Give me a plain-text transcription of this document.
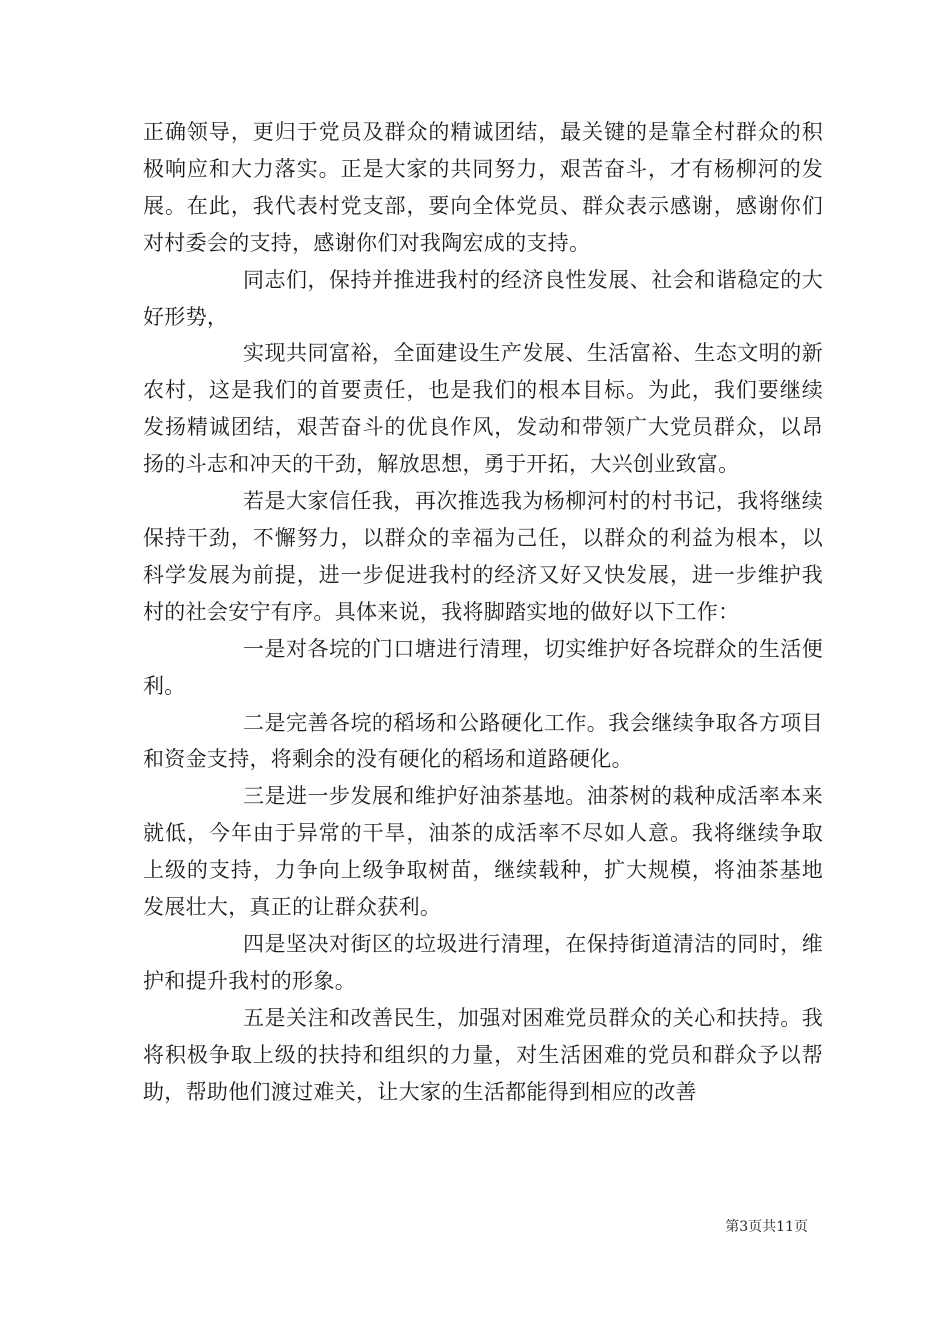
正确领导，更归于党员及群众的精诚团结，最关键的是靠全村群众的积极响应和大力落实。正是大家的共同努力，艰苦奋斗，才有杨柳河的发展。在此，我代表村党支部，要向全体党员、群众表示感谢，感谢你们对村委会的支持，感谢你们对我陶宏成的支持。

同志们，保持并推进我村的经济良性发展、社会和谐稳定的大好形势，

实现共同富裕，全面建设生产发展、生活富裕、生态文明的新农村，这是我们的首要责任，也是我们的根本目标。为此，我们要继续发扬精诚团结，艰苦奋斗的优良作风，发动和带领广大党员群众，以昂扬的斗志和冲天的干劲，解放思想，勇于开拓，大兴创业致富。

若是大家信任我，再次推选我为杨柳河村的村书记，我将继续保持干劲，不懈努力，以群众的幸福为己任，以群众的利益为根本，以科学发展为前提，进一步促进我村的经济又好又快发展，进一步维护我村的社会安宁有序。具体来说，我将脚踏实地的做好以下工作：

一是对各垸的门口塘进行清理，切实维护好各垸群众的生活便利。

二是完善各垸的稻场和公路硬化工作。我会继续争取各方项目和资金支持，将剩余的没有硬化的稻场和道路硬化。

三是进一步发展和维护好油茶基地。油茶树的栽种成活率本来就低，今年由于异常的干旱，油茶的成活率不尽如人意。我将继续争取上级的支持，力争向上级争取树苗，继续载种，扩大规模，将油茶基地发展壮大，真正的让群众获利。

四是坚决对街区的垃圾进行清理，在保持街道清洁的同时，维护和提升我村的形象。

五是关注和改善民生，加强对困难党员群众的关心和扶持。我将积极争取上级的扶持和组织的力量，对生活困难的党员和群众予以帮助，帮助他们渡过难关，让大家的生活都能得到相应的改善

第3页共11页
